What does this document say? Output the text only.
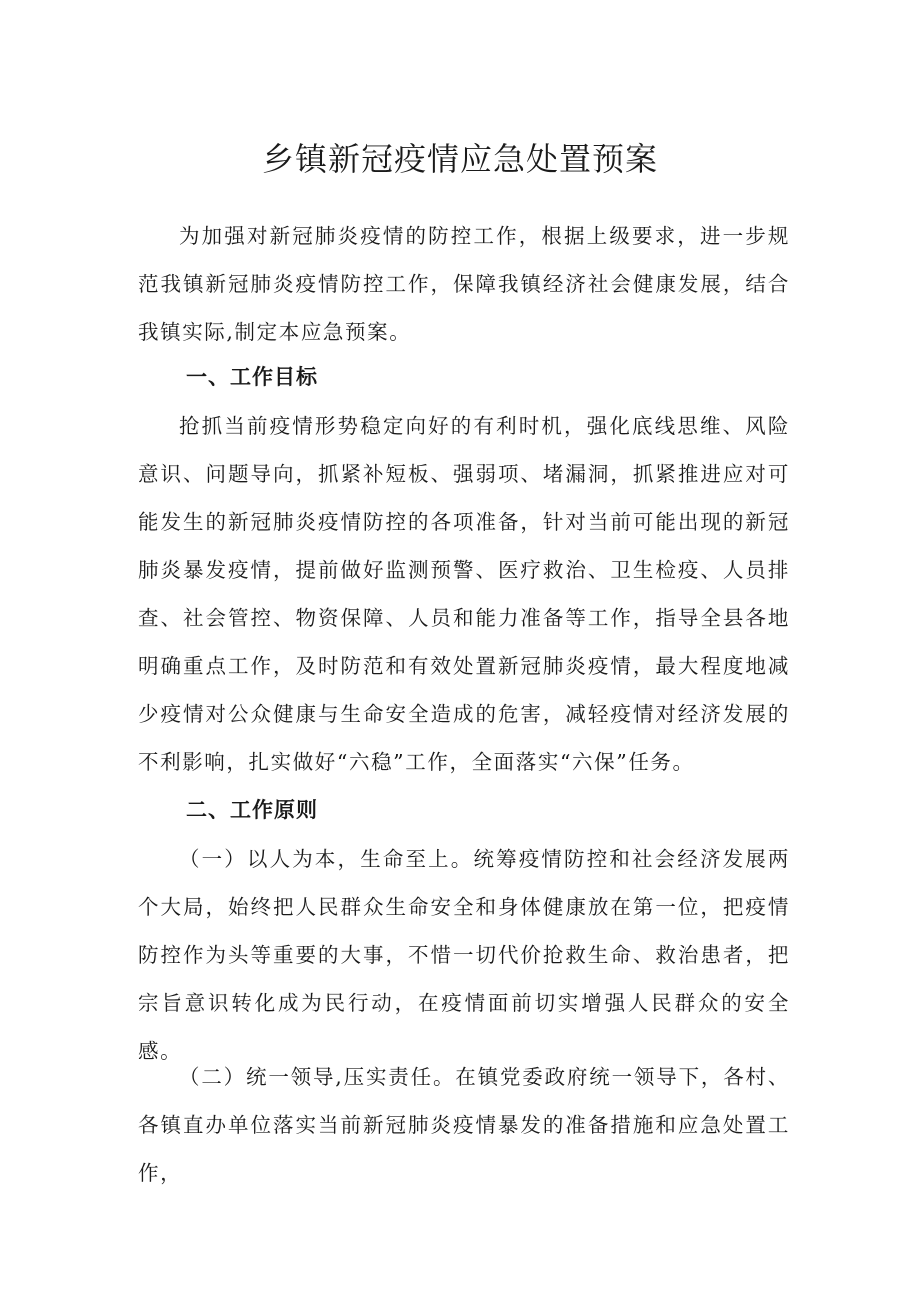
乡镇新冠疫情应急处置预案

为加强对新冠肺炎疫情的防控工作，根据上级要求，进一步规范我镇新冠肺炎疫情防控工作，保障我镇经济社会健康发展，结合我镇实际,制定本应急预案。

一、工作目标

抢抓当前疫情形势稳定向好的有利时机，强化底线思维、风险意识、问题导向，抓紧补短板、强弱项、堵漏洞，抓紧推进应对可能发生的新冠肺炎疫情防控的各项准备，针对当前可能出现的新冠肺炎暴发疫情，提前做好监测预警、医疗救治、卫生检疫、人员排查、社会管控、物资保障、人员和能力准备等工作，指导全县各地明确重点工作，及时防范和有效处置新冠肺炎疫情，最大程度地减少疫情对公众健康与生命安全造成的危害，减轻疫情对经济发展的不利影响，扎实做好“六稳”工作，全面落实“六保”任务。

二、工作原则

（一）以人为本，生命至上。统筹疫情防控和社会经济发展两个大局，始终把人民群众生命安全和身体健康放在第一位，把疫情防控作为头等重要的大事，不惜一切代价抢救生命、救治患者，把宗旨意识转化成为民行动，在疫情面前切实增强人民群众的安全感。

（二）统一领导,压实责任。在镇党委政府统一领导下，各村、各镇直办单位落实当前新冠肺炎疫情暴发的准备措施和应急处置工作，
